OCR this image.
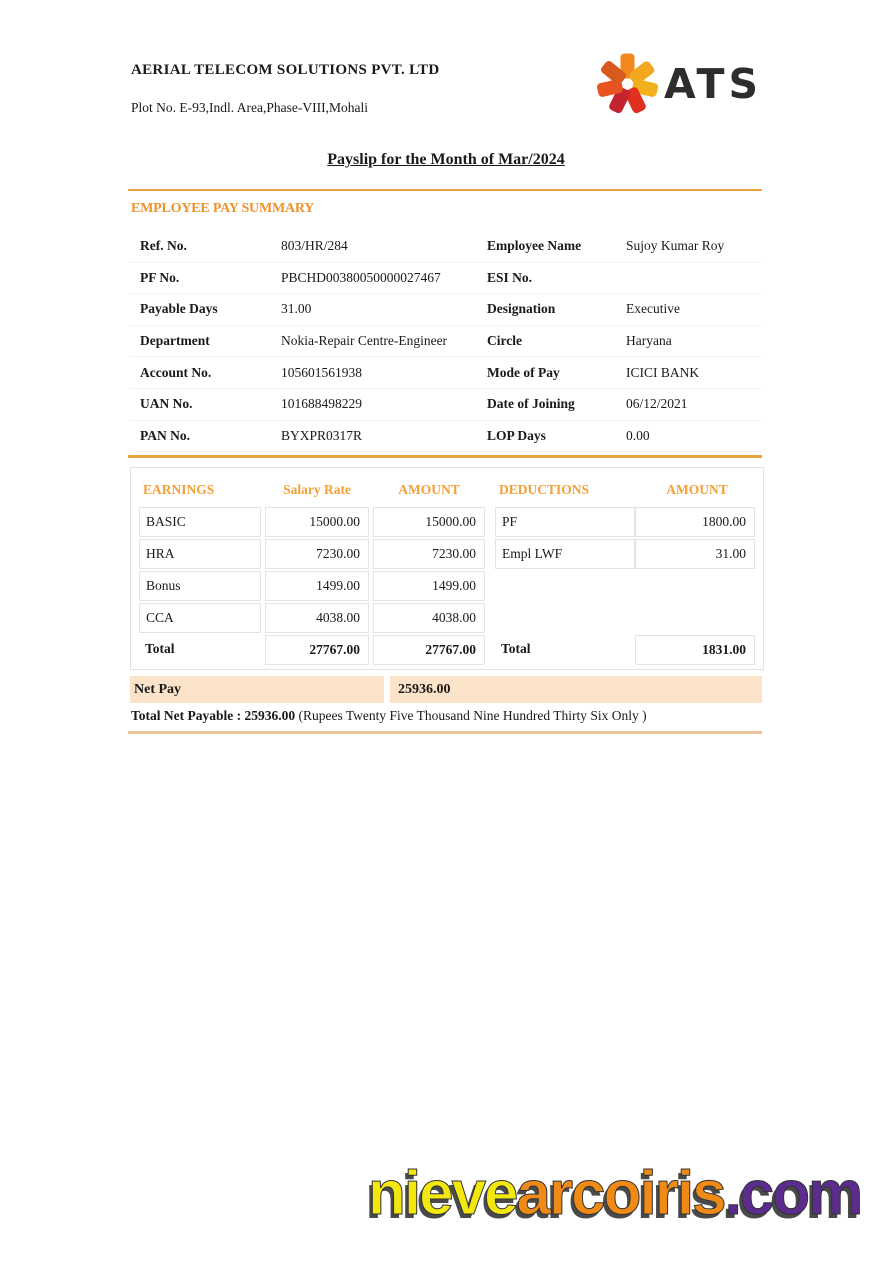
AERIAL TELECOM SOLUTIONS PVT. LTD
Plot No. E-93,Indl. Area,Phase-VIII,Mohali	ATS
Payslip for the Month of Mar/2024
EMPLOYEE PAY SUMMARY
Ref. No.	803/HR/284	Employee Name	Sujoy Kumar Roy
PF No.	PBCHD00380050000027467	ESI No.
Payable Days	31.00	Designation	Executive
Department	Nokia-Repair Centre-Engineer	Circle	Haryana
Account No.	105601561938	Mode of Pay	ICICI BANK
UAN No.	101688498229	Date of Joining	06/12/2021
PAN No.	BYXPR0317R	LOP Days	0.00
EARNINGS	Salary Rate	AMOUNT	DEDUCTIONS	AMOUNT
BASIC	15000.00	15000.00	PF	1800.00
HRA	7230.00	7230.00	Empl LWF	31.00
Bonus	1499.00	1499.00
CCA	4038.00	4038.00
Total	27767.00	27767.00	Total	1831.00
Net Pay	25936.00
Total Net Payable : 25936.00 (Rupees Twenty Five Thousand Nine Hundred Thirty Six Only )
nievearcoiris.com
